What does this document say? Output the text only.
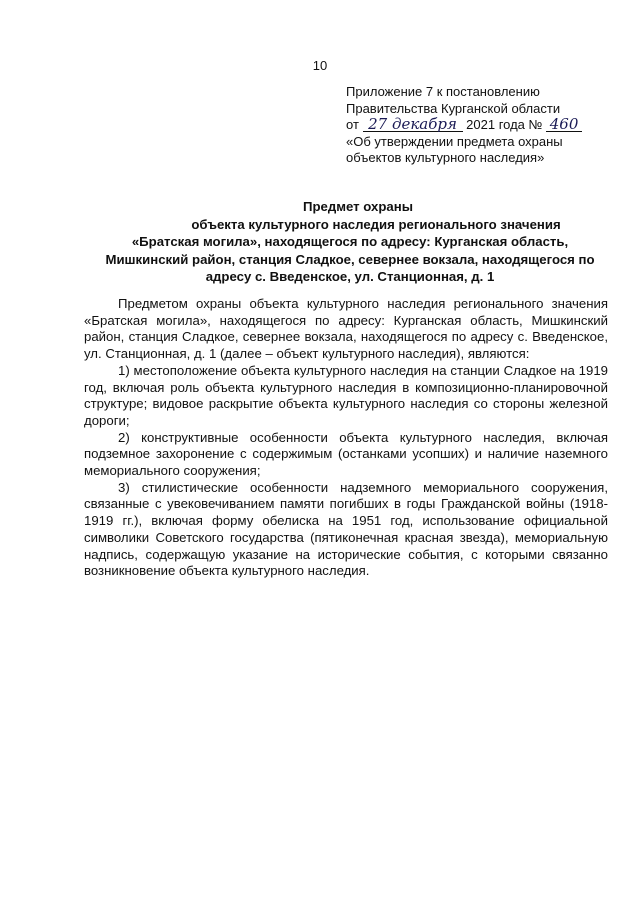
10
Приложение 7 к постановлению
Правительства Курганской области
от 27 декабря 2021 года № 460
«Об утверждении предмета охраны
объектов культурного наследия»
Предмет охраны
объекта культурного наследия регионального значения
«Братская могила», находящегося по адресу: Курганская область,
Мишкинский район, станция Сладкое, севернее вокзала, находящегося по
адресу с. Введенское, ул. Станционная, д. 1

Предметом охраны объекта культурного наследия регионального значения «Братская могила», находящегося по адресу: Курганская область, Мишкинский район, станция Сладкое, севернее вокзала, находящегося по адресу с. Введенское, ул. Станционная, д. 1 (далее – объект культурного наследия), являются:

1) местоположение объекта культурного наследия на станции Сладкое на 1919 год, включая роль объекта культурного наследия в композиционно-планировочной структуре; видовое раскрытие объекта культурного наследия со стороны железной дороги;

2) конструктивные особенности объекта культурного наследия, включая подземное захоронение с содержимым (останками усопших) и наличие наземного мемориального сооружения;

3) стилистические особенности надземного мемориального сооружения, связанные с увековечиванием памяти погибших в годы Гражданской войны (1918-1919 гг.), включая форму обелиска на 1951 год, использование официальной символики Советского государства (пятиконечная красная звезда), мемориальную надпись, содержащую указание на исторические события, с которыми связанно возникновение объекта культурного наследия.
